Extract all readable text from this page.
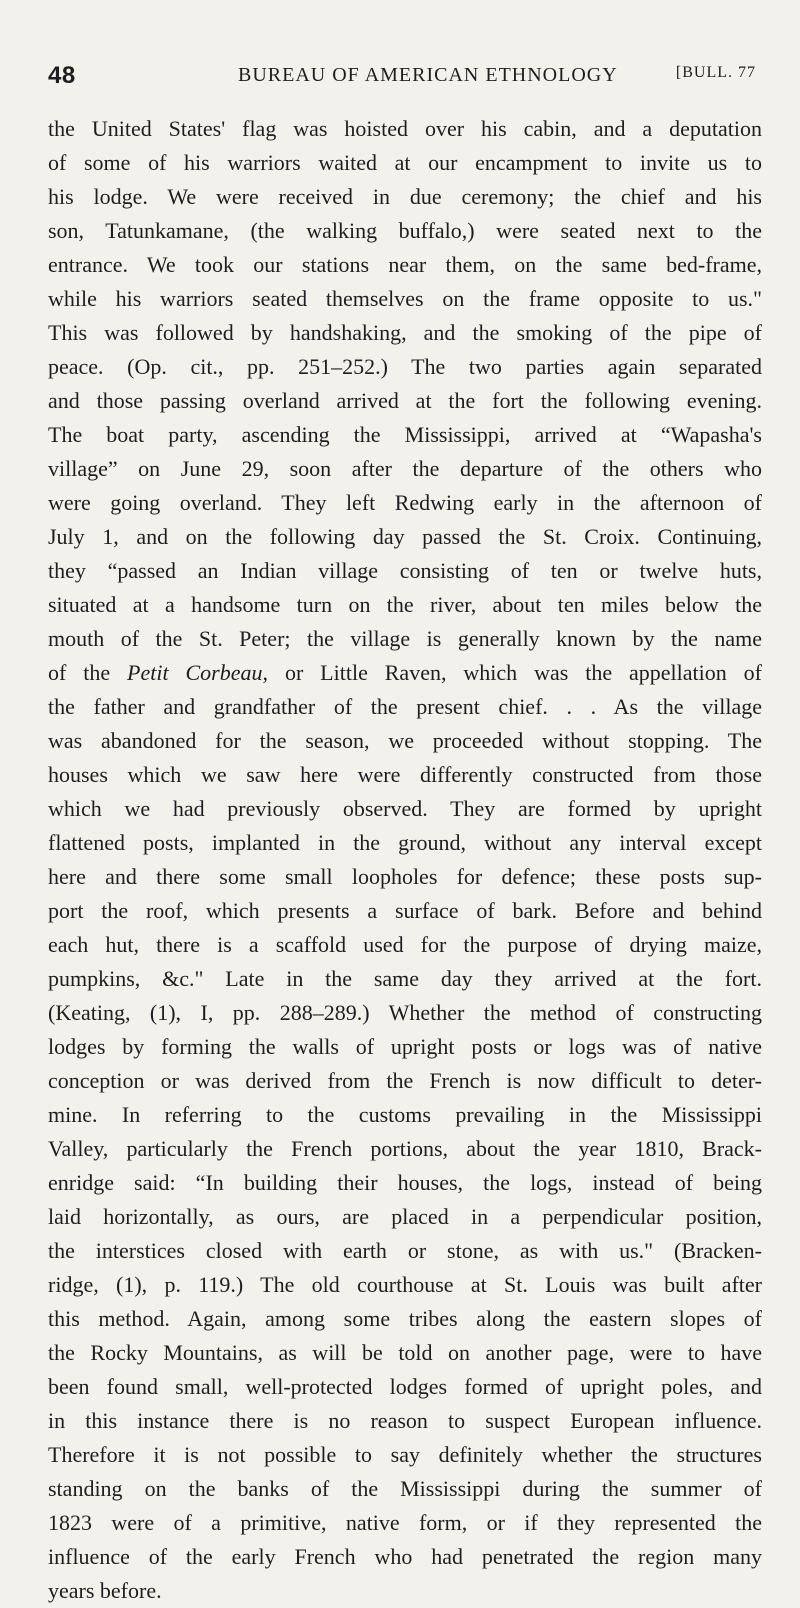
48	BUREAU OF AMERICAN ETHNOLOGY	[BULL. 77
the United States' flag was hoisted over his cabin, and a deputation
of some of his warriors waited at our encampment to invite us to
his lodge. We were received in due ceremony; the chief and his
son, Tatunkamane, (the walking buffalo,) were seated next to the
entrance. We took our stations near them, on the same bed-frame,
while his warriors seated themselves on the frame opposite to us."
This was followed by handshaking, and the smoking of the pipe of
peace. (Op. cit., pp. 251–252.) The two parties again separated
and those passing overland arrived at the fort the following evening.
The boat party, ascending the Mississippi, arrived at “Wapasha's
village” on June 29, soon after the departure of the others who
were going overland. They left Redwing early in the afternoon of
July 1, and on the following day passed the St. Croix. Continuing,
they “passed an Indian village consisting of ten or twelve huts,
situated at a handsome turn on the river, about ten miles below the
mouth of the St. Peter; the village is generally known by the name
of the Petit Corbeau, or Little Raven, which was the appellation of
the father and grandfather of the present chief. . . As the village
was abandoned for the season, we proceeded without stopping. The
houses which we saw here were differently constructed from those
which we had previously observed. They are formed by upright
flattened posts, implanted in the ground, without any interval except
here and there some small loopholes for defence; these posts sup-
port the roof, which presents a surface of bark. Before and behind
each hut, there is a scaffold used for the purpose of drying maize,
pumpkins, &c." Late in the same day they arrived at the fort.
(Keating, (1), I, pp. 288–289.) Whether the method of constructing
lodges by forming the walls of upright posts or logs was of native
conception or was derived from the French is now difficult to deter-
mine. In referring to the customs prevailing in the Mississippi
Valley, particularly the French portions, about the year 1810, Brack-
enridge said: “In building their houses, the logs, instead of being
laid horizontally, as ours, are placed in a perpendicular position,
the interstices closed with earth or stone, as with us." (Bracken-
ridge, (1), p. 119.) The old courthouse at St. Louis was built after
this method. Again, among some tribes along the eastern slopes of
the Rocky Mountains, as will be told on another page, were to have
been found small, well-protected lodges formed of upright poles, and
in this instance there is no reason to suspect European influence.
Therefore it is not possible to say definitely whether the structures
standing on the banks of the Mississippi during the summer of
1823 were of a primitive, native form, or if they represented the
influence of the early French who had penetrated the region many
years before.
